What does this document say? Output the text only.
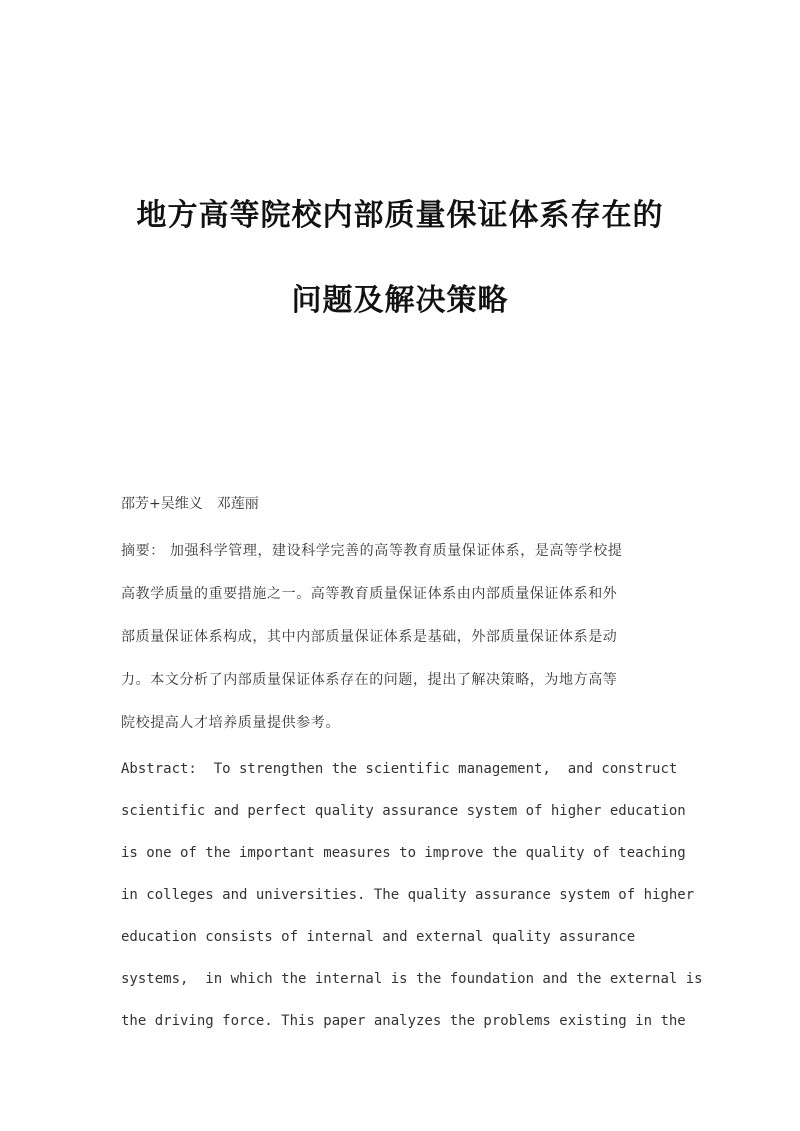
地方高等院校内部质量保证体系存在的
问题及解决策略
邵芳+吴维义 邓莲丽
摘要： 加强科学管理，建设科学完善的高等教育质量保证体系，是高等学校提
高教学质量的重要措施之一。高等教育质量保证体系由内部质量保证体系和外
部质量保证体系构成，其中内部质量保证体系是基础，外部质量保证体系是动
力。本文分析了内部质量保证体系存在的问题，提出了解决策略，为地方高等
院校提高人才培养质量提供参考。
Abstract:  To strengthen the scientific management,  and construct
scientific and perfect quality assurance system of higher education
is one of the important measures to improve the quality of teaching
in colleges and universities. The quality assurance system of higher
education consists of internal and external quality assurance
systems,  in which the internal is the foundation and the external is
the driving force. This paper analyzes the problems existing in the
